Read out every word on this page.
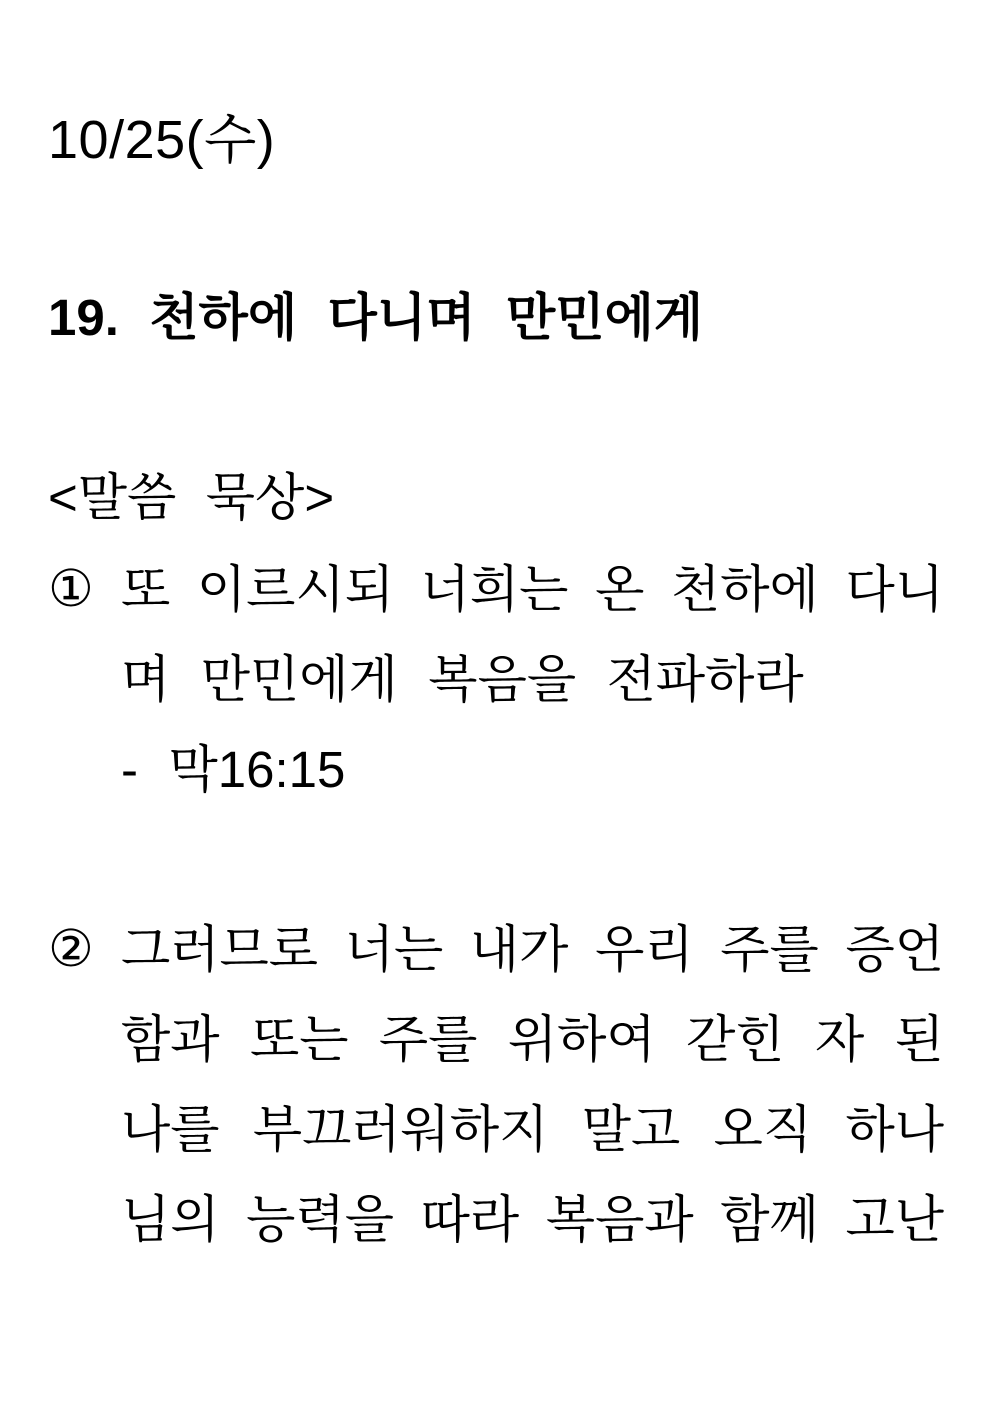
10/25(수)
19. 천하에 다니며 만민에게
<말씀 묵상>
① 또 이르시되 너희는 온 천하에 다니
며 만민에게 복음을 전파하라
- 막16:15
② 그러므로 너는 내가 우리 주를 증언
함과 또는 주를 위하여 갇힌 자 된
나를 부끄러워하지 말고 오직 하나
님의 능력을 따라 복음과 함께 고난
